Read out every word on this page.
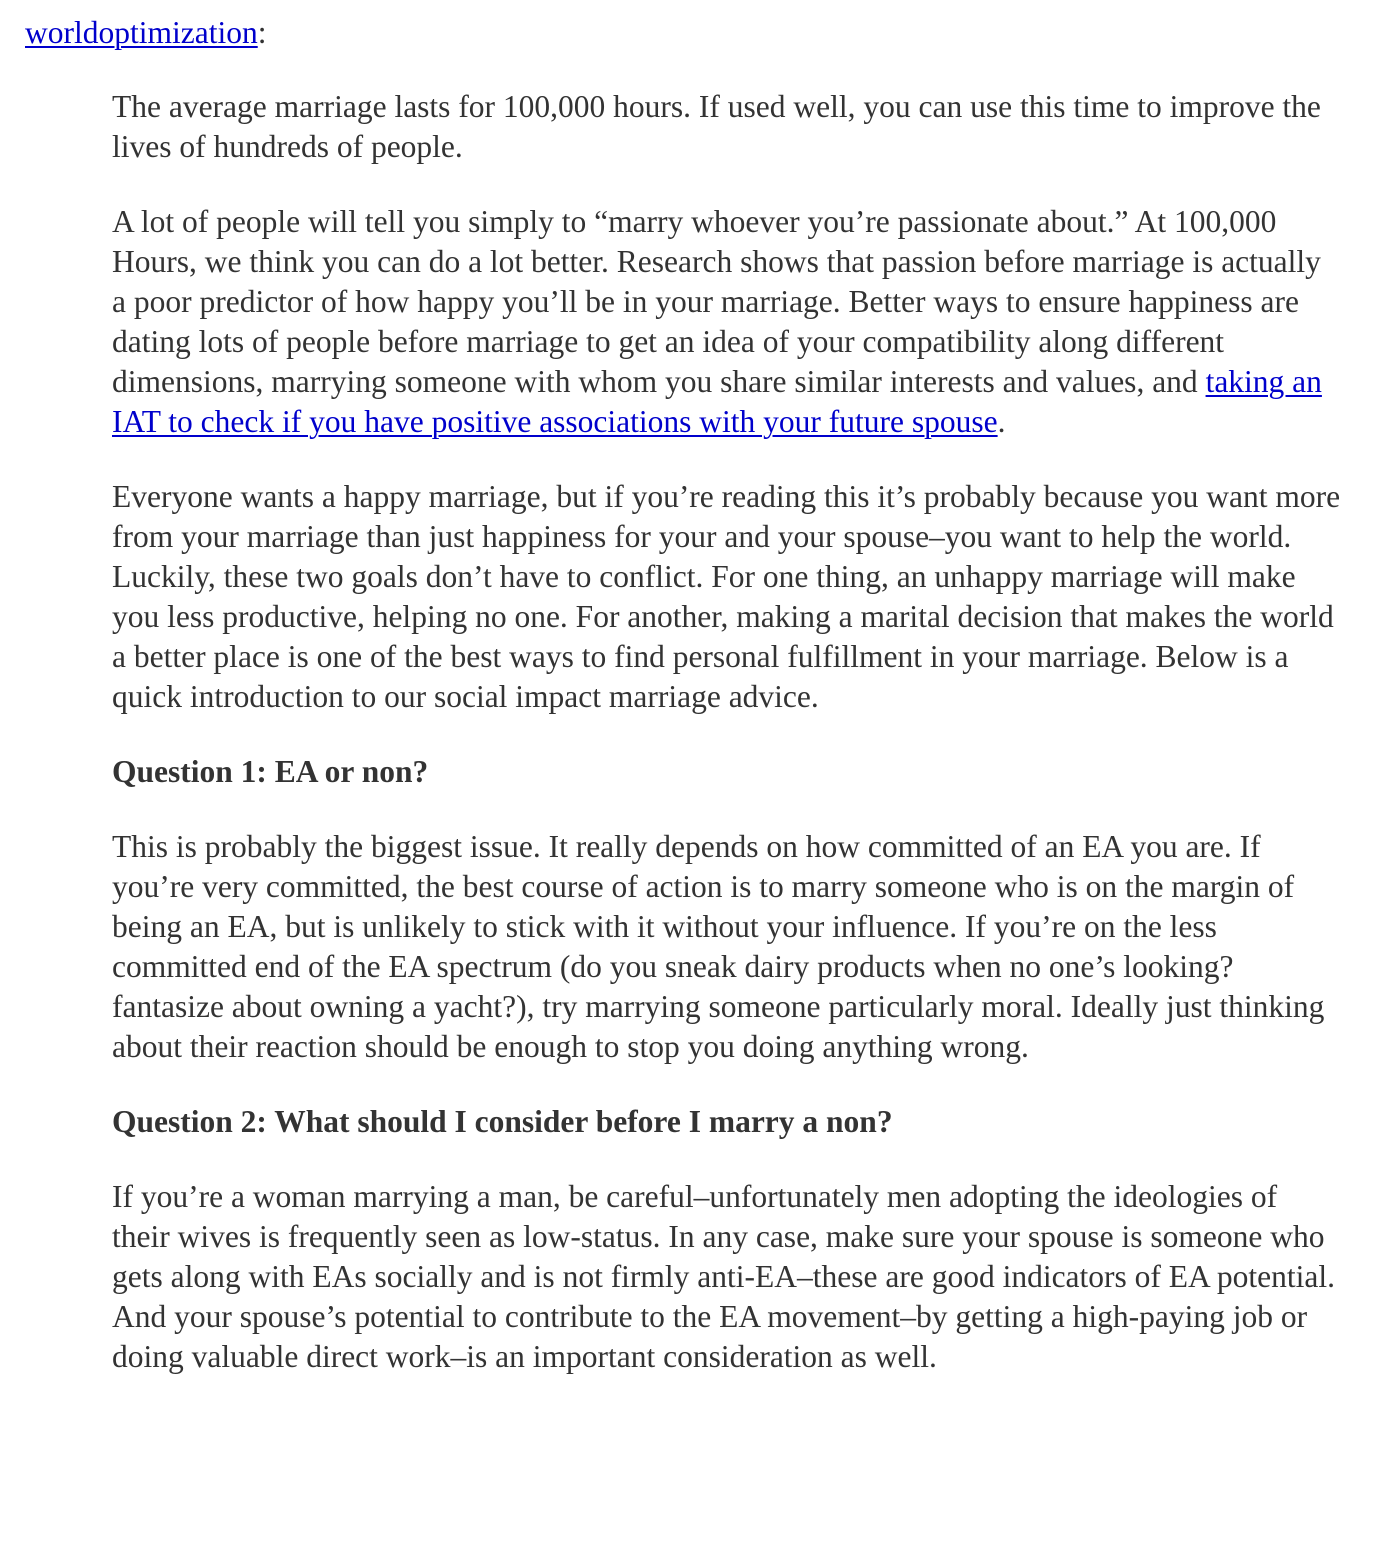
worldoptimization:

The average marriage lasts for 100,000 hours. If used well, you can use this time to improve the lives of hundreds of people.

A lot of people will tell you simply to “marry whoever you’re passionate about.” At 100,000 Hours, we think you can do a lot better. Research shows that passion before marriage is actually a poor predictor of how happy you’ll be in your marriage. Better ways to ensure happiness are dating lots of people before marriage to get an idea of your compatibility along different dimensions, marrying someone with whom you share similar interests and values, and taking an IAT to check if you have positive associations with your future spouse.

Everyone wants a happy marriage, but if you’re reading this it’s probably because you want more from your marriage than just happiness for your and your spouse–you want to help the world. Luckily, these two goals don’t have to conflict. For one thing, an unhappy marriage will make you less productive, helping no one. For another, making a marital decision that makes the world a better place is one of the best ways to find personal fulfillment in your marriage. Below is a quick introduction to our social impact marriage advice.

Question 1: EA or non?

This is probably the biggest issue. It really depends on how committed of an EA you are. If you’re very committed, the best course of action is to marry someone who is on the margin of being an EA, but is unlikely to stick with it without your influence. If you’re on the less committed end of the EA spectrum (do you sneak dairy products when no one’s looking? fantasize about owning a yacht?), try marrying someone particularly moral. Ideally just thinking about their reaction should be enough to stop you doing anything wrong.

Question 2: What should I consider before I marry a non?

If you’re a woman marrying a man, be careful–unfortunately men adopting the ideologies of their wives is frequently seen as low-status. In any case, make sure your spouse is someone who gets along with EAs socially and is not firmly anti-EA–these are good indicators of EA potential. And your spouse’s potential to contribute to the EA movement–by getting a high-paying job or doing valuable direct work–is an important consideration as well.
